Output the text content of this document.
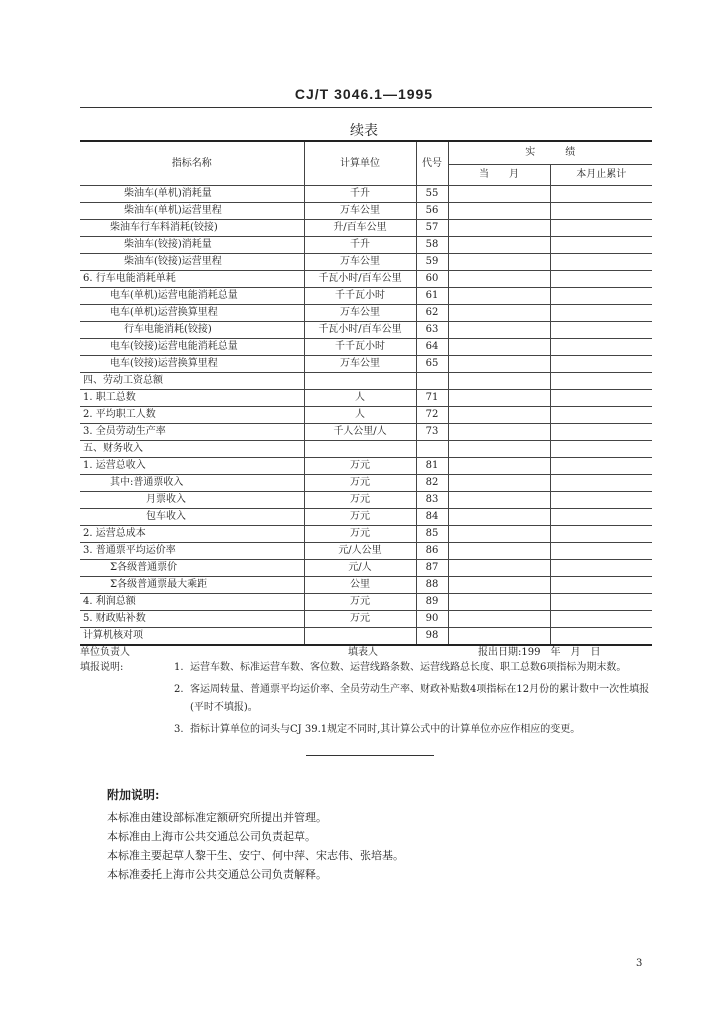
CJ/T 3046.1—1995
续表
指标名称	计算单位	代号	实　　　绩	
			当　　月	本月止累计
柴油车(单机)消耗量	千升	55		
柴油车(单机)运营里程	万车公里	56		
柴油车行车料消耗(铰接)	升/百车公里	57		
柴油车(铰接)消耗量	千升	58		
柴油车(铰接)运营里程	万车公里	59		
6. 行车电能消耗单耗	千瓦小时/百车公里	60		
电车(单机)运营电能消耗总量	千千瓦小时	61		
电车(单机)运营换算里程	万车公里	62		
行车电能消耗(铰接)	千瓦小时/百车公里	63		
电车(铰接)运营电能消耗总量	千千瓦小时	64		
电车(铰接)运营换算里程	万车公里	65		
四、劳动工资总额				
1. 职工总数	人	71		
2. 平均职工人数	人	72		
3. 全员劳动生产率	千人公里/人	73		
五、财务收入				
1. 运营总收入	万元	81		
其中:普通票收入	万元	82		
月票收入	万元	83		
包车收入	万元	84		
2. 运营总成本	万元	85		
3. 普通票平均运价率	元/人公里	86		
Σ各级普通票价	元/人	87		
Σ各级普通票最大乘距	公里	88		
4. 利润总额	万元	89		
5. 财政贴补数	万元	90		
计算机核对项		98		
单位负责人	填表人	报出日期:199　年　月　日
填报说明:	1. 运营车数、标准运营车数、客位数、运营线路条数、运营线路总长度、职工总数6项指标为期末数。
2. 客运周转量、普通票平均运价率、全员劳动生产率、财政补贴数4项指标在12月份的累计数中一次性填报(平时不填报)。
3. 指标计算单位的词头与CJ 39.1规定不同时,其计算公式中的计算单位亦应作相应的变更。
附加说明:
本标准由建设部标准定额研究所提出并管理。
本标准由上海市公共交通总公司负责起草。
本标准主要起草人黎干生、安宁、何中萍、宋志伟、张培基。
本标准委托上海市公共交通总公司负责解释。
3
